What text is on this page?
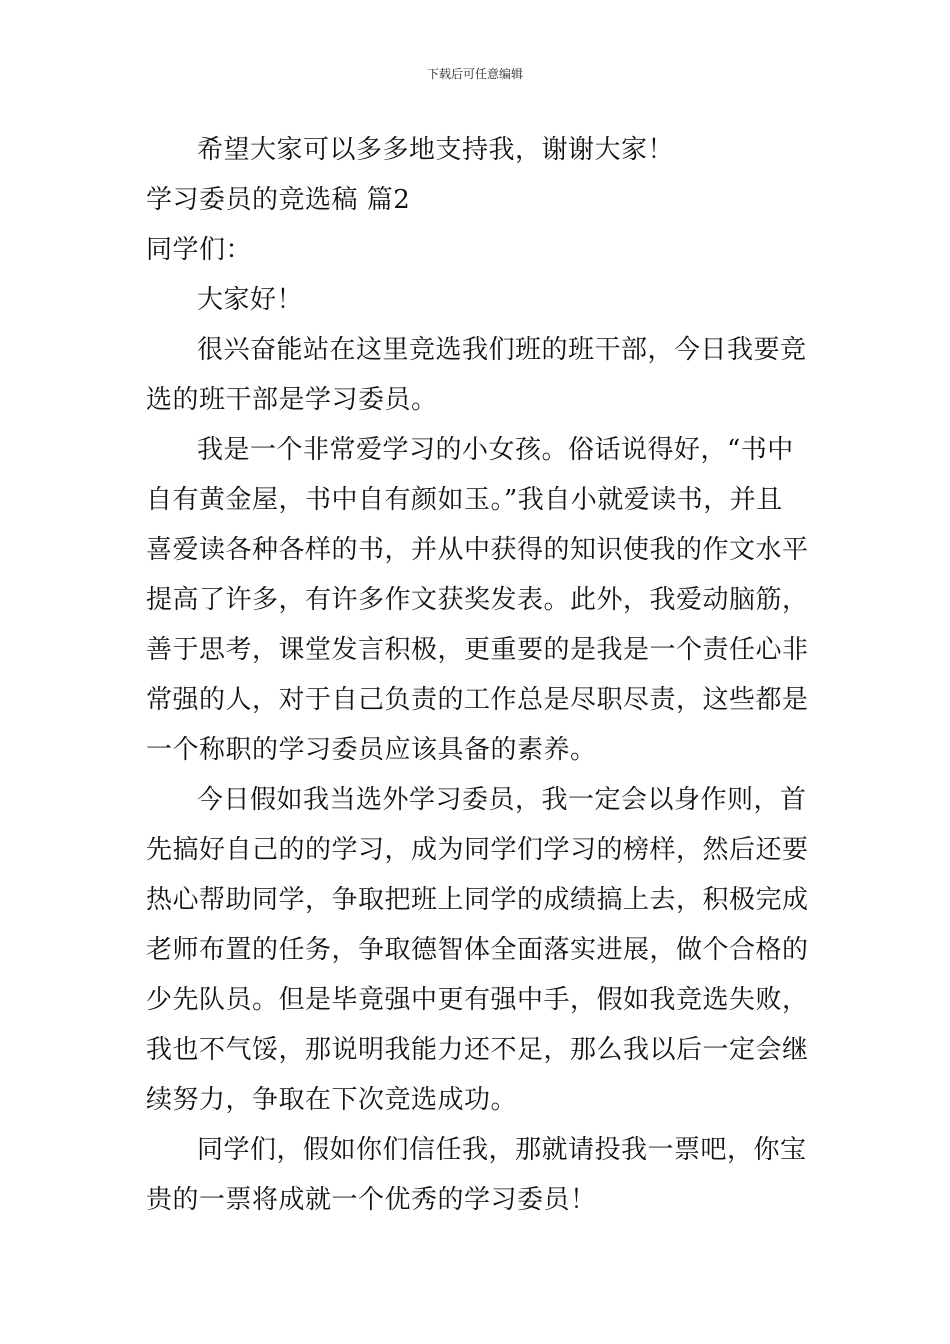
下载后可任意编辑
希望大家可以多多地支持我，谢谢大家！
学习委员的竞选稿 篇2
同学们：
大家好！
很兴奋能站在这里竞选我们班的班干部，今日我要竞
选的班干部是学习委员。
我是一个非常爱学习的小女孩。俗话说得好，“书中
自有黄金屋，书中自有颜如玉。”我自小就爱读书，并且
喜爱读各种各样的书，并从中获得的知识使我的作文水平
提高了许多，有许多作文获奖发表。此外，我爱动脑筋，
善于思考，课堂发言积极，更重要的是我是一个责任心非
常强的人，对于自己负责的工作总是尽职尽责，这些都是
一个称职的学习委员应该具备的素养。
今日假如我当选外学习委员，我一定会以身作则，首
先搞好自己的的学习，成为同学们学习的榜样，然后还要
热心帮助同学，争取把班上同学的成绩搞上去，积极完成
老师布置的任务，争取德智体全面落实进展，做个合格的
少先队员。但是毕竟强中更有强中手，假如我竞选失败，
我也不气馁，那说明我能力还不足，那么我以后一定会继
续努力，争取在下次竞选成功。
同学们，假如你们信任我，那就请投我一票吧，你宝
贵的一票将成就一个优秀的学习委员！
